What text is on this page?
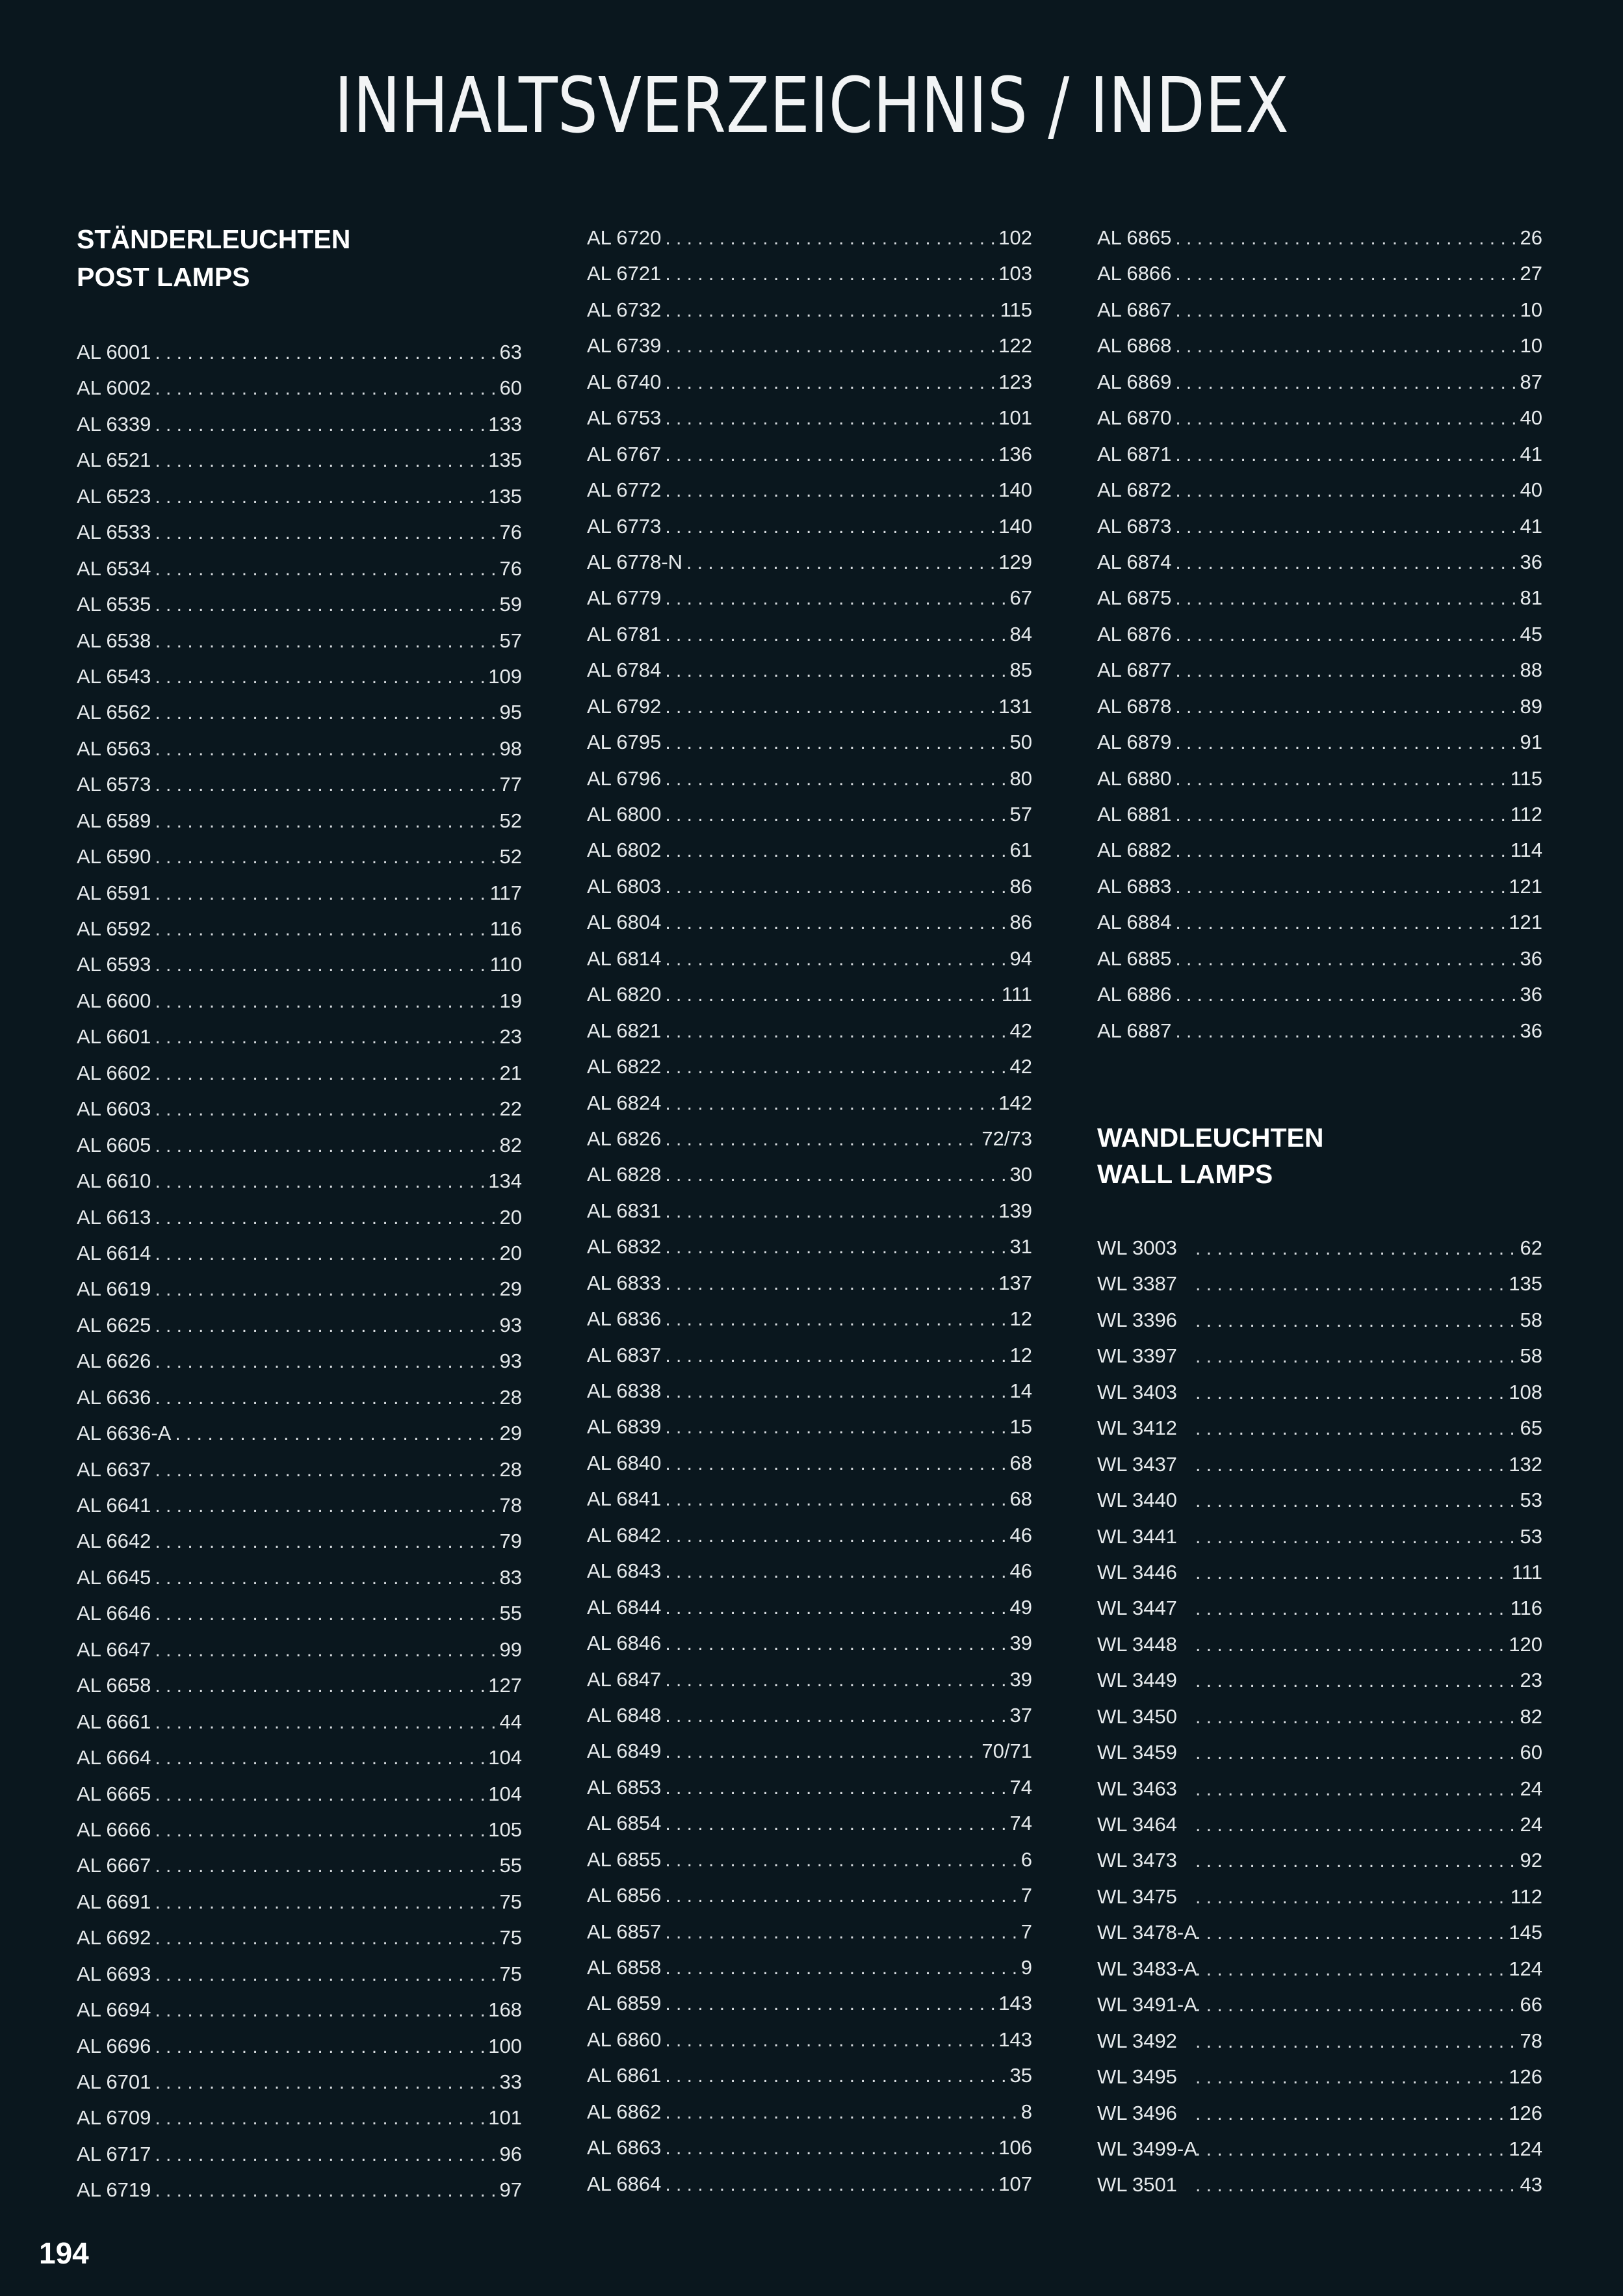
INHALTSVERZEICHNIS / INDEX
STÄNDERLEUCHTEN
POST LAMPS
AL 6001 . . .	63
AL 6002 . . .	60
AL 6339 . . .	133
AL 6521 . . .	135
AL 6523 . . .	135
AL 6533 . . .	76
AL 6534 . . .	76
AL 6535 . . .	59
AL 6538 . . .	57
AL 6543 . . .	109
AL 6562 . . .	95
AL 6563 . . .	98
AL 6573 . . .	77
AL 6589 . . .	52
AL 6590 . . .	52
AL 6591 . . .	117
AL 6592 . . .	116
AL 6593 . . .	110
AL 6600 . . .	19
AL 6601 . . .	23
AL 6602 . . .	21
AL 6603 . . .	22
AL 6605 . . .	82
AL 6610 . . .	134
AL 6613 . . .	20
AL 6614 . . .	20
AL 6619 . . .	29
AL 6625 . . .	93
AL 6626 . . .	93
AL 6636 . . .	28
AL 6636-A . . .	29
AL 6637 . . .	28
AL 6641 . . .	78
AL 6642 . . .	79
AL 6645 . . .	83
AL 6646 . . .	55
AL 6647 . . .	99
AL 6658 . . .	127
AL 6661 . . .	44
AL 6664 . . .	104
AL 6665 . . .	104
AL 6666 . . .	105
AL 6667 . . .	55
AL 6691 . . .	75
AL 6692 . . .	75
AL 6693 . . .	75
AL 6694 . . .	168
AL 6696 . . .	100
AL 6701 . . .	33
AL 6709 . . .	101
AL 6717 . . .	96
AL 6719 . . .	97
AL 6720 . . .	102
AL 6721 . . .	103
AL 6732 . . .	115
AL 6739 . . .	122
AL 6740 . . .	123
AL 6753 . . .	101
AL 6767 . . .	136
AL 6772 . . .	140
AL 6773 . . .	140
AL 6778-N . . .	129
AL 6779 . . .	67
AL 6781 . . .	84
AL 6784 . . .	85
AL 6792 . . .	131
AL 6795 . . .	50
AL 6796 . . .	80
AL 6800 . . .	57
AL 6802 . . .	61
AL 6803 . . .	86
AL 6804 . . .	86
AL 6814 . . .	94
AL 6820 . . .	111
AL 6821 . . .	42
AL 6822 . . .	42
AL 6824 . . .	142
AL 6826 . . .	72/73
AL 6828 . . .	30
AL 6831 . . .	139
AL 6832 . . .	31
AL 6833 . . .	137
AL 6836 . . .	12
AL 6837 . . .	12
AL 6838 . . .	14
AL 6839 . . .	15
AL 6840 . . .	68
AL 6841 . . .	68
AL 6842 . . .	46
AL 6843 . . .	46
AL 6844 . . .	49
AL 6846 . . .	39
AL 6847 . . .	39
AL 6848 . . .	37
AL 6849 . . .	70/71
AL 6853 . . .	74
AL 6854 . . .	74
AL 6855 . . .	6
AL 6856 . . .	7
AL 6857 . . .	7
AL 6858 . . .	9
AL 6859 . . .	143
AL 6860 . . .	143
AL 6861 . . .	35
AL 6862 . . .	8
AL 6863 . . .	106
AL 6864 . . .	107
AL 6865 . . .	26
AL 6866 . . .	27
AL 6867 . . .	10
AL 6868 . . .	10
AL 6869 . . .	87
AL 6870 . . .	40
AL 6871 . . .	41
AL 6872 . . .	40
AL 6873 . . .	41
AL 6874 . . .	36
AL 6875 . . .	81
AL 6876 . . .	45
AL 6877 . . .	88
AL 6878 . . .	89
AL 6879 . . .	91
AL 6880 . . .	115
AL 6881 . . .	112
AL 6882 . . .	114
AL 6883 . . .	121
AL 6884 . . .	121
AL 6885 . . .	36
AL 6886 . . .	36
AL 6887 . . .	36
WANDLEUCHTEN
WALL LAMPS
WL 3003 . . .	62
WL 3387 . . .	135
WL 3396 . . .	58
WL 3397 . . .	58
WL 3403 . . .	108
WL 3412 . . .	65
WL 3437 . . .	132
WL 3440 . . .	53
WL 3441 . . .	53
WL 3446 . . .	111
WL 3447 . . .	116
WL 3448 . . .	120
WL 3449 . . .	23
WL 3450 . . .	82
WL 3459 . . .	60
WL 3463 . . .	24
WL 3464 . . .	24
WL 3473 . . .	92
WL 3475 . . .	112
WL 3478-A . . .	145
WL 3483-A . . .	124
WL 3491-A . . .	66
WL 3492 . . .	78
WL 3495 . . .	126
WL 3496 . . .	126
WL 3499-A . . .	124
WL 3501 . . .	43
194
